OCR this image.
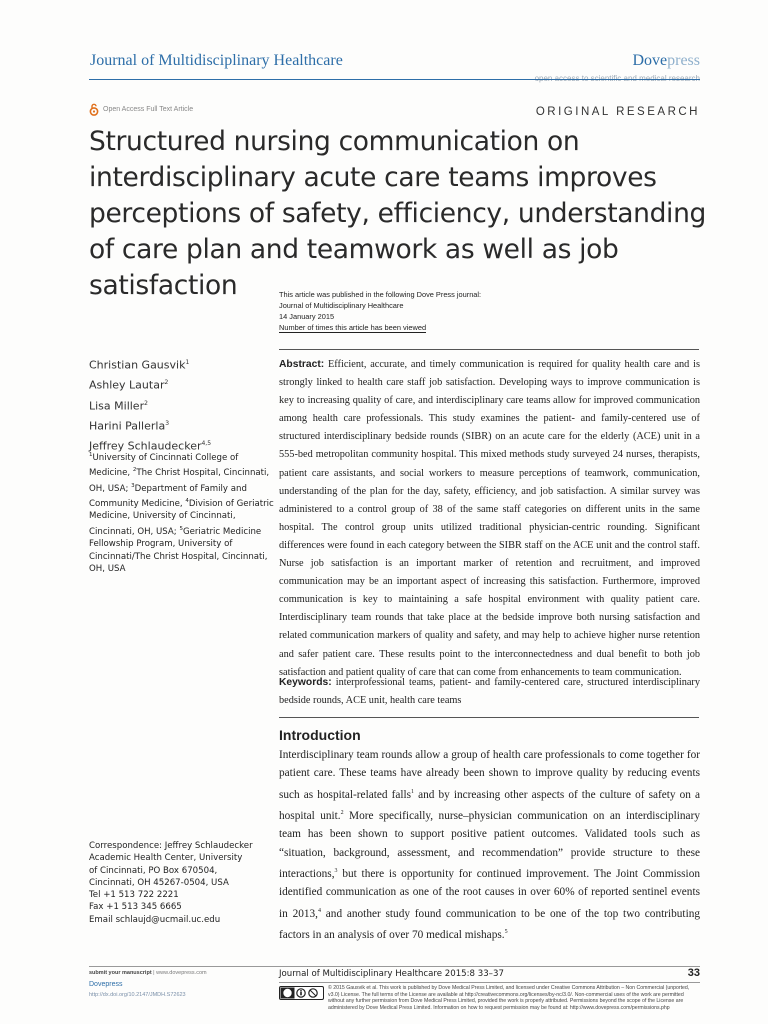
Journal of Multidisciplinary Healthcare	Dovepress
Open Access Full Text Article	ORIGINAL RESEARCH
Structured nursing communication on interdisciplinary acute care teams improves perceptions of safety, efficiency, understanding of care plan and teamwork as well as job satisfaction	This article was published in the following Dove Press journal:
Journal of Multidisciplinary Healthcare
14 January 2015
Number of times this article has been viewed
Christian Gausvik$^1$
Ashley Lautar$^2$
Lisa Miller$^2$
Harini Pallerla$^3$
Jeffrey Schlaudecker$^{4,5}$
$^1$University of Cincinnati College of Medicine, $^2$The Christ Hospital, Cincinnati, OH, USA; $^3$Department of Family and Community Medicine, $^4$Division of Geriatric Medicine, University of Cincinnati, Cincinnati, OH, USA; $^5$Geriatric Medicine Fellowship Program, University of Cincinnati/The Christ Hospital, Cincinnati, OH, USA
Abstract: Efficient, accurate, and timely communication is required for quality health care and is strongly linked to health care staff job satisfaction. Developing ways to improve communication is key to increasing quality of care, and interdisciplinary care teams allow for improved communication among health care professionals. This study examines the patient- and family-centered use of structured interdisciplinary bedside rounds (SIBR) on an acute care for the elderly (ACE) unit in a 555-bed metropolitan community hospital. This mixed methods study surveyed 24 nurses, therapists, patient care assistants, and social workers to measure perceptions of teamwork, communication, understanding of the plan for the day, safety, efficiency, and job satisfaction. A similar survey was administered to a control group of 38 of the same staff categories on different units in the same hospital. The control group units utilized traditional physician-centric rounding. Significant differences were found in each category between the SIBR staff on the ACE unit and the control staff. Nurse job satisfaction is an important marker of retention and recruitment, and improved communication may be an important aspect of increasing this satisfaction. Furthermore, improved communication is key to maintaining a safe hospital environment with quality patient care. Interdisciplinary team rounds that take place at the bedside improve both nursing satisfaction and related communication markers of quality and safety, and may help to achieve higher nurse retention and safer patient care. These results point to the interconnectedness and dual benefit to both job satisfaction and patient quality of care that can come from enhancements to team communication.
Keywords: interprofessional teams, patient- and family-centered care, structured interdisciplinary bedside rounds, ACE unit, health care teams
Introduction
Interdisciplinary team rounds allow a group of health care professionals to come together for patient care. These teams have already been shown to improve quality by reducing events such as hospital-related falls$^1$ and by increasing other aspects of the culture of safety on a hospital unit.$^2$ More specifically, nurse–physician communication on an interdisciplinary team has been shown to support positive patient outcomes. Validated tools such as “situation, background, assessment, and recommendation” provide structure to these interactions,$^3$ but there is opportunity for continued improvement. The Joint Commission identified communication as one of the root causes in over 60% of reported sentinel events in 2013,$^4$ and another study found communication to be one of the top two contributing factors in an analysis of over 70 medical mishaps.$^5$
Correspondence: Jeffrey Schlaudecker
Academic Health Center, University
of Cincinnati, PO Box 670504,
Cincinnati, OH 45267-0504, USA
Tel +1 513 722 2221
Fax +1 513 345 6665
Email schlaujd@ucmail.uc.edu
submit your manuscript | www.dovepress.com
Dovepress
http://dx.doi.org/10.2147/JMDH.S72623
Journal of Multidisciplinary Healthcare 2015:8 33–37	33
© 2015 Gausvik et al. This work is published by Dove Medical Press Limited, and licensed under Creative Commons Attribution – Non Commercial (unported, v3.0) License. The full terms of the License are available at http://creativecommons.org/licenses/by-nc/3.0/. Non-commercial uses of the work are permitted without any further permission from Dove Medical Press Limited, provided the work is properly attributed. Permissions beyond the scope of the License are administered by Dove Medical Press Limited. Information on how to request permission may be found at: http://www.dovepress.com/permissions.php
